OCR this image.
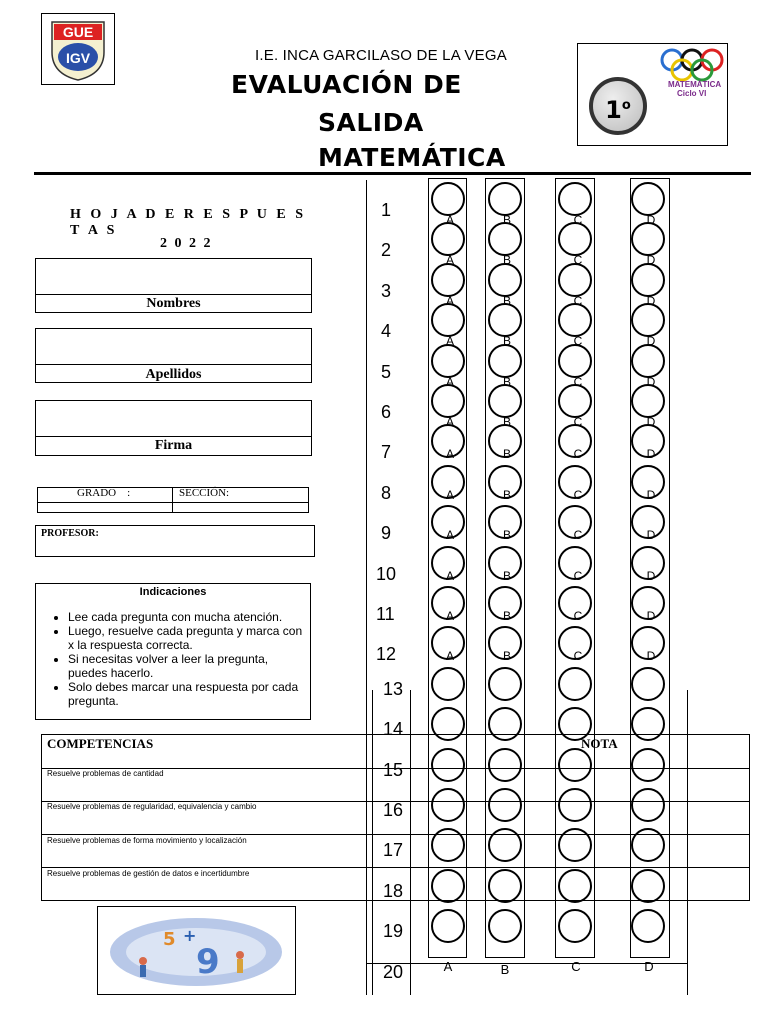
GUE
IGV	I.E. INCA GARCILASO DE LA VEGA
EVALUACIÓN DE
SALIDA
MATEMÁTICA
MATEMÁTICA
Ciclo VI
1$^o$
H O J A D E R E S P U E S T A S
2 0 2 2
Nombres
Apellidos
Firma
GRADO    :	SECCIÓN:
PROFESOR:
Indicaciones
• Lee cada pregunta con mucha atención.
• Luego, resuelve cada pregunta y marca con x la respuesta correcta.
• Si necesitas volver a leer la pregunta, puedes hacerlo.
• Solo debes marcar una respuesta por cada pregunta.
COMPETENCIAS	NOTA
Resuelve problemas de cantidad
Resuelve problemas de regularidad, equivalencia y cambio
Resuelve problemas de forma movimiento y localización
Resuelve problemas de gestión de datos e incertidumbre
5 +
9
1	A	B	C	D
2	A	B	C	D
3	A	B	C	D
4	A	B	C	D
5	A	B	C	D
6	A	B	C	D
7	A	B	C	D
8	A	B	C	D
9	A	B	C	D
10	A	B	C	D
11	A	B	C	D
12	A	B	C	D
13
14
15
16
17
18
19
20	A	B	C	D
